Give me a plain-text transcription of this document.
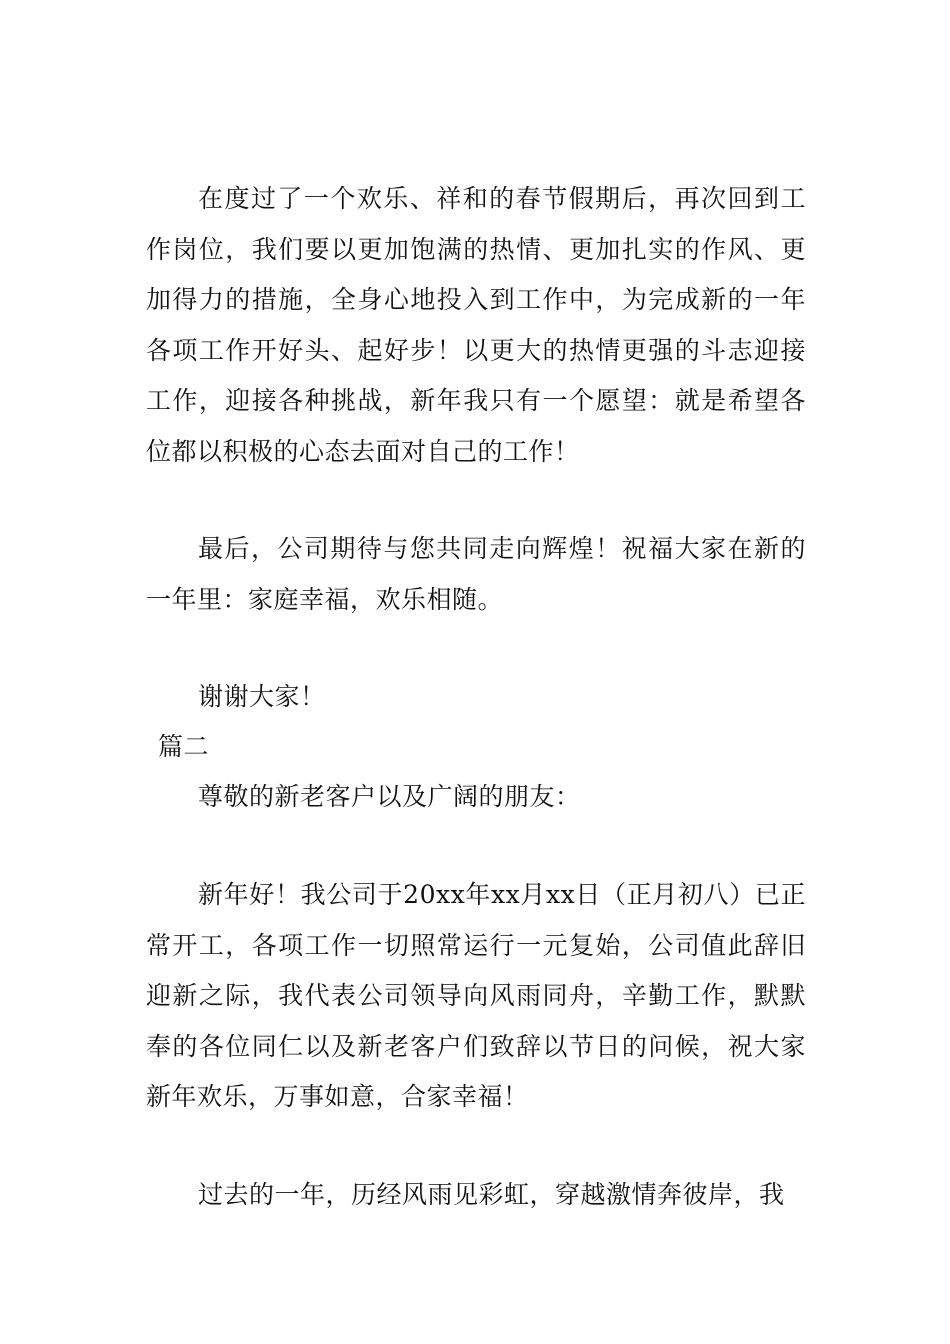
在度过了一个欢乐、祥和的春节假期后，再次回到工作岗位，我们要以更加饱满的热情、更加扎实的作风、更加得力的措施，全身心地投入到工作中，为完成新的一年各项工作开好头、起好步！以更大的热情更强的斗志迎接工作，迎接各种挑战，新年我只有一个愿望：就是希望各位都以积极的心态去面对自己的工作！

最后，公司期待与您共同走向辉煌！祝福大家在新的一年里：家庭幸福，欢乐相随。

谢谢大家！

篇二

尊敬的新老客户以及广阔的朋友：

新年好！我公司于20xx年xx月xx日（正月初八）已正常开工，各项工作一切照常运行一元复始，公司值此辞旧迎新之际，我代表公司领导向风雨同舟，辛勤工作，默默奉的各位同仁以及新老客户们致辞以节日的问候，祝大家新年欢乐，万事如意，合家幸福！

过去的一年，历经风雨见彩虹，穿越激情奔彼岸，我
